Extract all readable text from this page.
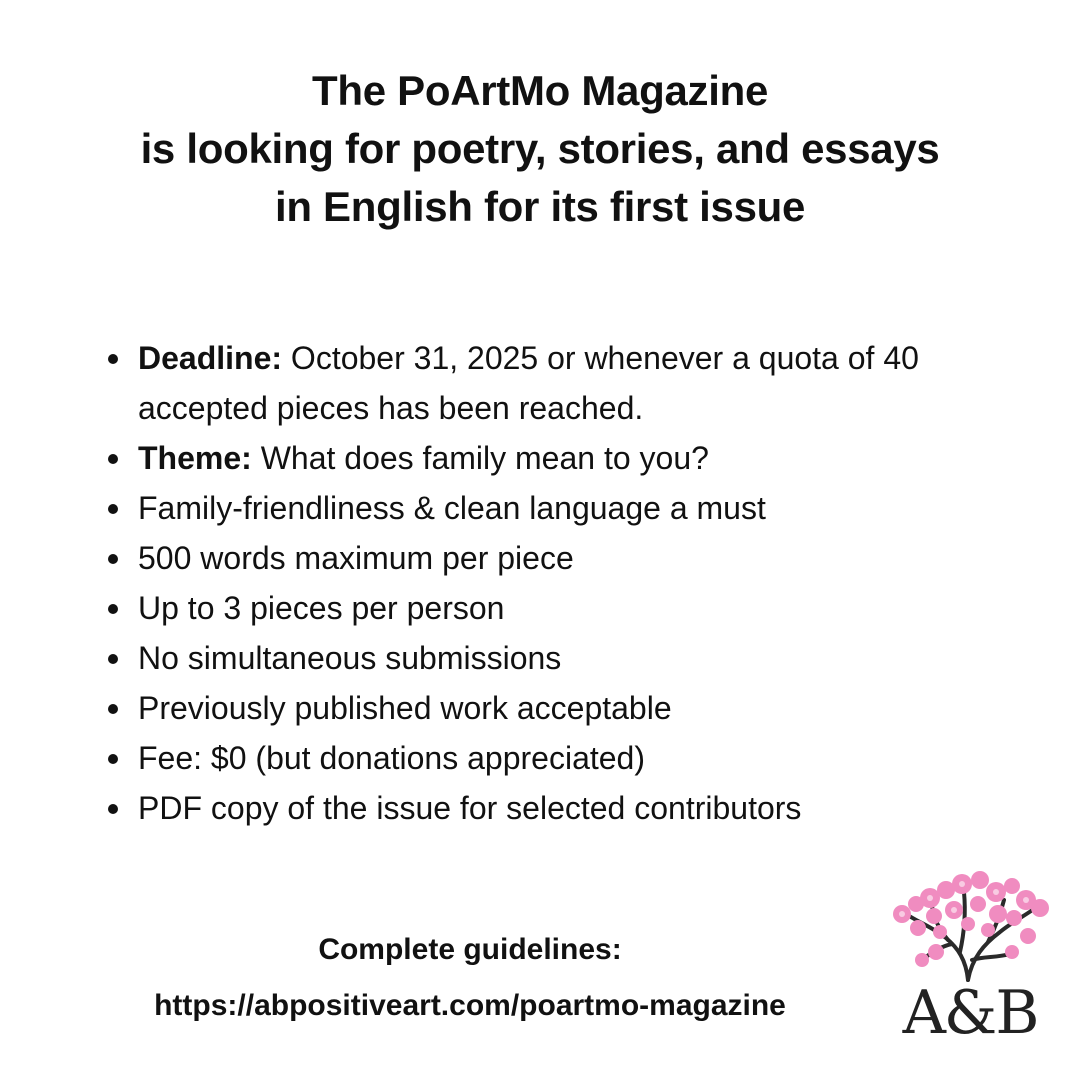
The PoArtMo Magazine
is looking for poetry, stories, and essays
in English for its first issue
Deadline: October 31, 2025 or whenever a quota of 40 accepted pieces has been reached.
Theme: What does family mean to you?
Family-friendliness & clean language a must
500 words maximum per piece
Up to 3 pieces per person
No simultaneous submissions
Previously published work acceptable
Fee: $0 (but donations appreciated)
PDF copy of the issue for selected contributors
Complete guidelines:
https://abpositiveart.com/poartmo-magazine	A&B
